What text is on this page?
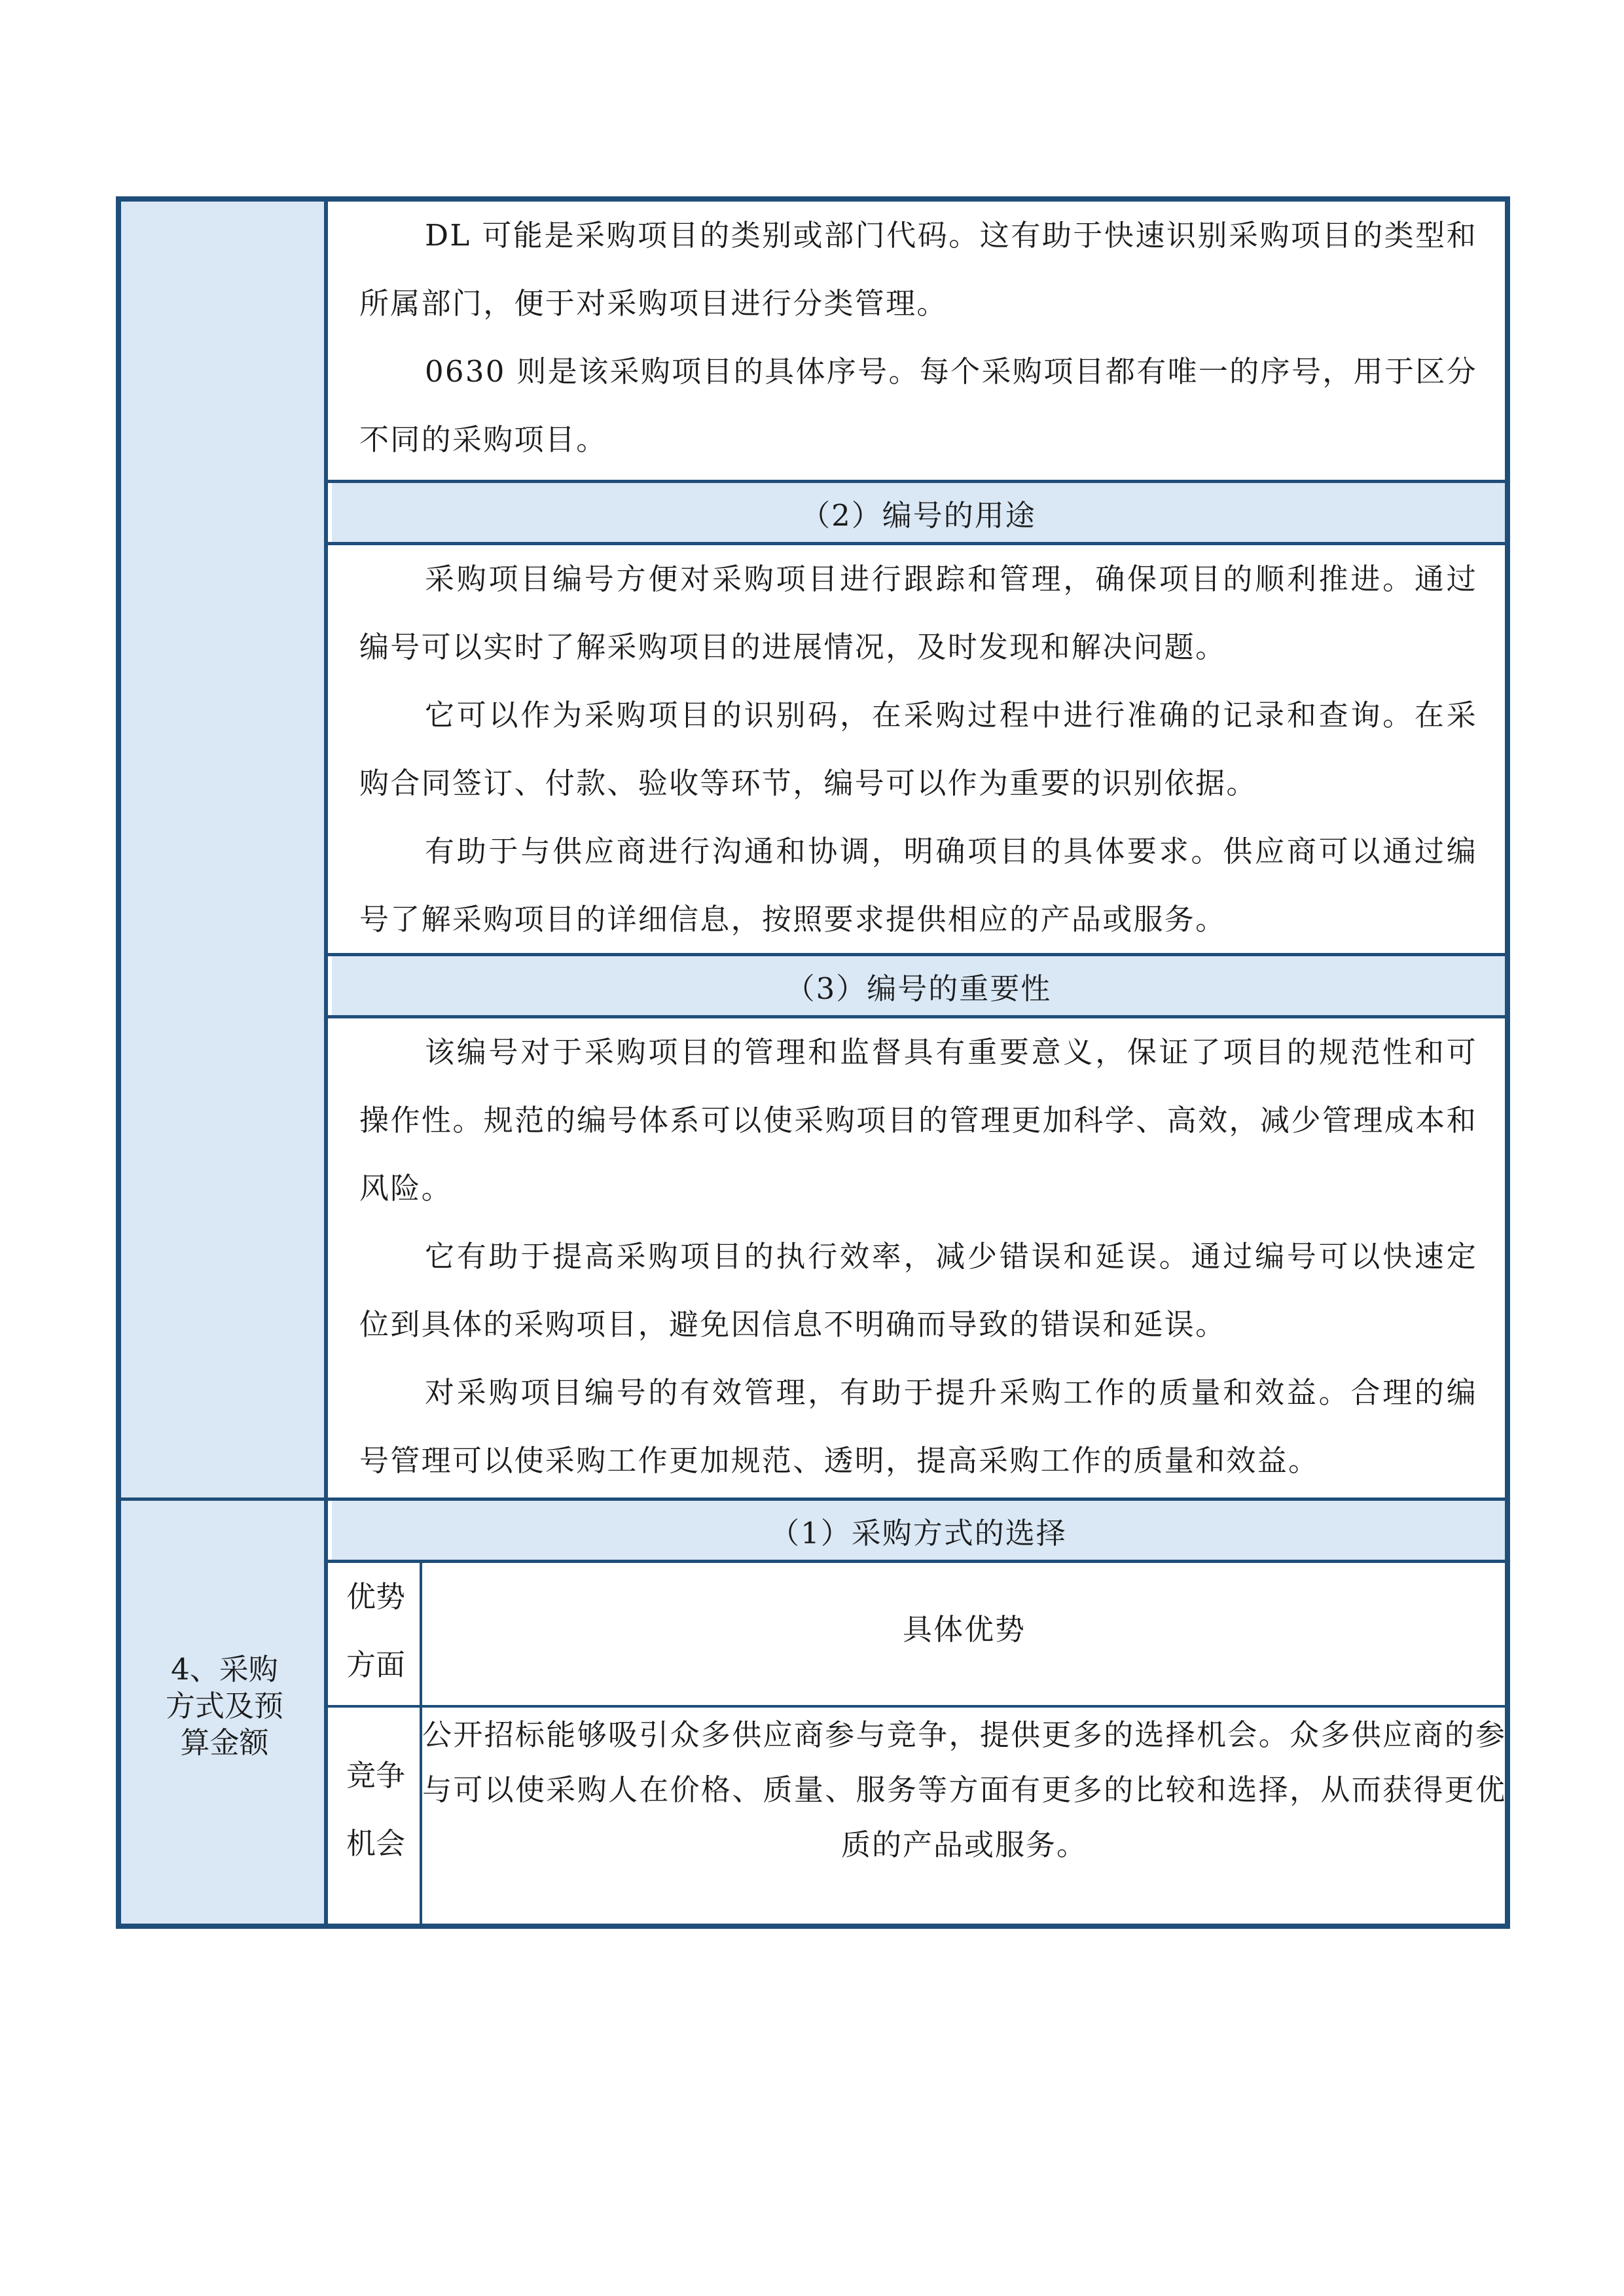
DL 可能是采购项目的类别或部门代码。这有助于快速识别采购项目的类型和所属部门，便于对采购项目进行分类管理。

0630 则是该采购项目的具体序号。每个采购项目都有唯一的序号，用于区分不同的采购项目。

（2）编号的用途

采购项目编号方便对采购项目进行跟踪和管理，确保项目的顺利推进。通过编号可以实时了解采购项目的进展情况，及时发现和解决问题。

它可以作为采购项目的识别码，在采购过程中进行准确的记录和查询。在采购合同签订、付款、验收等环节，编号可以作为重要的识别依据。

有助于与供应商进行沟通和协调，明确项目的具体要求。供应商可以通过编号了解采购项目的详细信息，按照要求提供相应的产品或服务。

（3）编号的重要性

该编号对于采购项目的管理和监督具有重要意义，保证了项目的规范性和可操作性。规范的编号体系可以使采购项目的管理更加科学、高效，减少管理成本和风险。

它有助于提高采购项目的执行效率，减少错误和延误。通过编号可以快速定位到具体的采购项目，避免因信息不明确而导致的错误和延误。

对采购项目编号的有效管理，有助于提升采购工作的质量和效益。合理的编号管理可以使采购工作更加规范、透明，提高采购工作的质量和效益。

4、采购方式及预算金额
（1）采购方式的选择
优势方面
具体优势
竞争机会
公开招标能够吸引众多供应商参与竞争，提供更多的选择机会。众多供应商的参与可以使采购人在价格、质量、服务等方面有更多的比较和选择，从而获得更优质的产品或服务。
